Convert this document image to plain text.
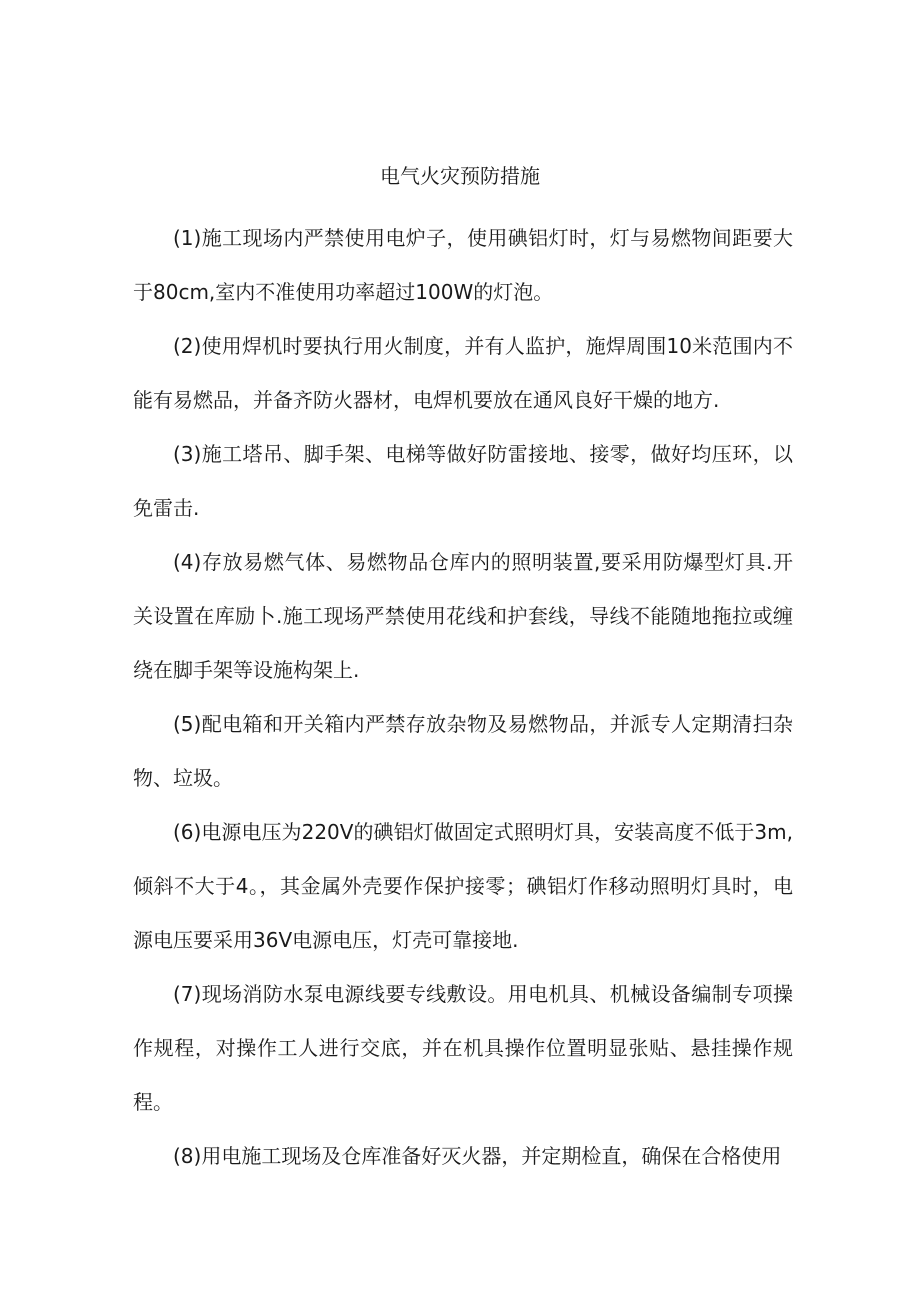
电气火灾预防措施

(1)施工现场内严禁使用电炉子，使用碘铝灯时，灯与易燃物间距要大于80cm,室内不准使用功率超过100W的灯泡。

(2)使用焊机时要执行用火制度，并有人监护，施焊周围10米范围内不能有易燃品，并备齐防火器材，电焊机要放在通风良好干燥的地方.

(3)施工塔吊、脚手架、电梯等做好防雷接地、接零，做好均压环，以免雷击.

(4)存放易燃气体、易燃物品仓库内的照明装置,要采用防爆型灯具.开关设置在库励卜.施工现场严禁使用花线和护套线，导线不能随地拖拉或缠绕在脚手架等设施构架上.

(5)配电箱和开关箱内严禁存放杂物及易燃物品，并派专人定期清扫杂物、垃圾。

(6)电源电压为220V的碘铝灯做固定式照明灯具，安装高度不低于3m,倾斜不大于4。，其金属外壳要作保护接零；碘铝灯作移动照明灯具时，电源电压要采用36V电源电压，灯壳可靠接地.

(7)现场消防水泵电源线要专线敷设。用电机具、机械设备编制专项操作规程，对操作工人进行交底，并在机具操作位置明显张贴、悬挂操作规程。

(8)用电施工现场及仓库准备好灭火器，并定期检直，确保在合格使用
